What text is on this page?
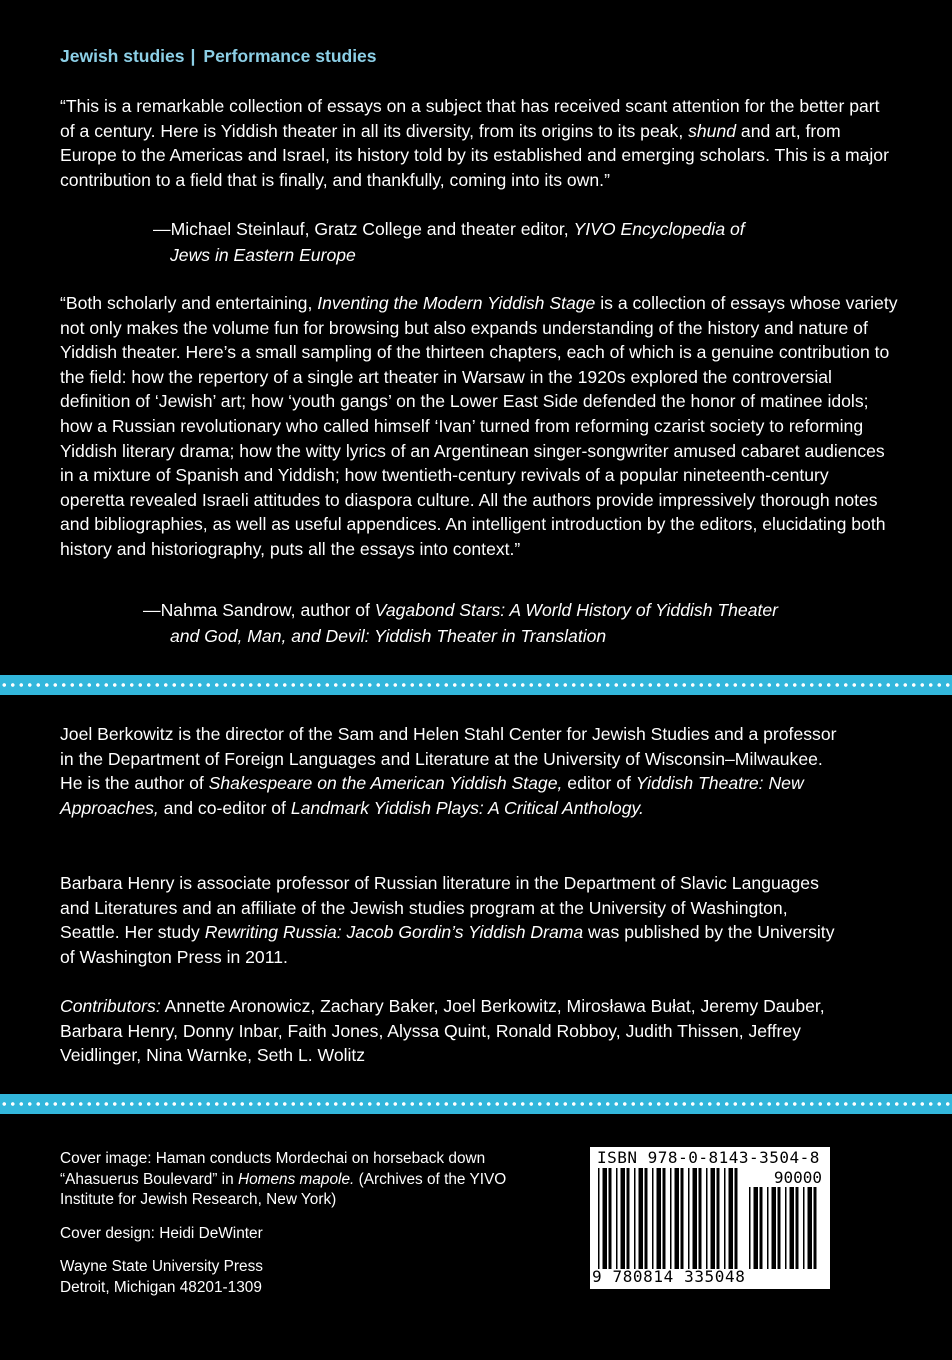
Jewish studies | Performance studies

“This is a remarkable collection of essays on a subject that has received scant attention for the better part of a century. Here is Yiddish theater in all its diversity, from its origins to its peak, shund and art, from Europe to the Americas and Israel, its history told by its established and emerging scholars. This is a major contribution to a field that is finally, and thankfully, coming into its own.”

—Michael Steinlauf, Gratz College and theater editor, YIVO Encyclopedia of
Jews in Eastern Europe

“Both scholarly and entertaining, Inventing the Modern Yiddish Stage is a collection of essays whose variety not only makes the volume fun for browsing but also expands understanding of the history and nature of Yiddish theater. Here’s a small sampling of the thirteen chapters, each of which is a genuine contribution to the field: how the repertory of a single art theater in Warsaw in the 1920s explored the controversial definition of ‘Jewish’ art; how ‘youth gangs’ on the Lower East Side defended the honor of matinee idols; how a Russian revolutionary who called himself ‘Ivan’ turned from reforming czarist society to reforming Yiddish literary drama; how the witty lyrics of an Argentinean singer-songwriter amused cabaret audiences in a mixture of Spanish and Yiddish; how twentieth-century revivals of a popular nineteenth-century operetta revealed Israeli attitudes to diaspora culture. All the authors provide impressively thorough notes and bibliographies, as well as useful appendices. An intelligent introduction by the editors, elucidating both history and historiography, puts all the essays into context.”

—Nahma Sandrow, author of Vagabond Stars: A World History of Yiddish Theater
and God, Man, and Devil: Yiddish Theater in Translation

Joel Berkowitz is the director of the Sam and Helen Stahl Center for Jewish Studies and a professor in the Department of Foreign Languages and Literature at the University of Wisconsin–Milwaukee. He is the author of Shakespeare on the American Yiddish Stage, editor of Yiddish Theatre: New Approaches, and co-editor of Landmark Yiddish Plays: A Critical Anthology.

Barbara Henry is associate professor of Russian literature in the Department of Slavic Languages and Literatures and an affiliate of the Jewish studies program at the University of Washington, Seattle. Her study Rewriting Russia: Jacob Gordin’s Yiddish Drama was published by the University of Washington Press in 2011.

Contributors: Annette Aronowicz, Zachary Baker, Joel Berkowitz, Mirosława Bułat, Jeremy Dauber, Barbara Henry, Donny Inbar, Faith Jones, Alyssa Quint, Ronald Robboy, Judith Thissen, Jeffrey Veidlinger, Nina Warnke, Seth L. Wolitz

Cover image: Haman conducts Mordechai on horseback down “Ahasuerus Boulevard” in Homens mapole. (Archives of the YIVO Institute for Jewish Research, New York)

Cover design: Heidi DeWinter

Wayne State University Press
Detroit, Michigan 48201-1309

ISBN 978-0-8143-3504-8
90000
9 780814 335048
